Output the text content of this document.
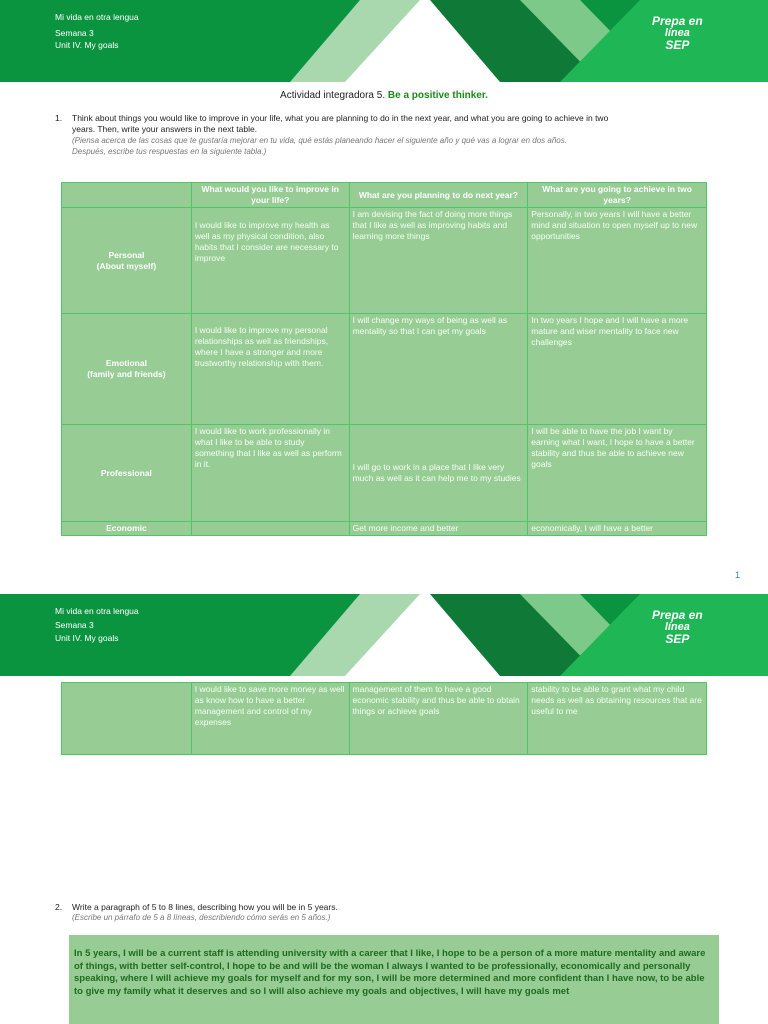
Mi vida en otra lengua
Semana 3
Unit IV. My goals
Prepa en
línea
SEP
Actividad integradora 5. Be a positive thinker.
1. Think about things you would like to improve in your life, what you are planning to do in the next year, and what you are going to achieve in two
years. Then, write your answers in the next table.
(Piensa acerca de las cosas que te gustaría mejorar en tu vida, qué estás planeando hacer el siguiente año y qué vas a lograr en dos años.
Después, escribe tus respuestas en la siguiente tabla.)
	What would you like to improve in your life?	What are you planning to do next year?	What are you going to achieve in two years?
Personal
(About myself)	I would like to improve my health as well as my physical condition, also habits that I consider are necessary to improve	I am devising the fact of doing more things that I like as well as improving habits and learning more things	Personally, in two years I will have a better mind and situation to open myself up to new opportunities
Emotional
(family and friends)	I would like to improve my personal relationships as well as friendships, where I have a stronger and more trustworthy relationship with them.	I will change my ways of being as well as mentality so that I can get my goals	In two years I hope and I will have a more mature and wiser mentality to face new challenges
Professional	I would like to work professionally in what I like to be able to study something that I like as well as perform in it.	I will go to work in a place that I like very much as well as it can help me to my studies	I will be able to have the job I want by earning what I want, I hope to have a better stability and thus be able to achieve new goals
Economic		Get more income and better	economically, I will have a better
1
Mi vida en otra lengua
Semana 3
Unit IV. My goals
Prepa en
línea
SEP
	I would like to save more money as well as know how to have a better management and control of my expenses	management of them to have a good economic stability and thus be able to obtain things or achieve goals	stability to be able to grant what my child needs as well as obtaining resources that are useful to me
2. Write a paragraph of 5 to 8 lines, describing how you will be in 5 years.
(Escribe un párrafo de 5 a 8 líneas, describiendo cómo serás en 5 años.)
In 5 years, I will be a current staff is attending university with a career that I like, I hope to be a person of a more mature mentality and aware of things, with better self-control, I hope to be and will be the woman I always I wanted to be professionally, economically and personally speaking, where I will achieve my goals for myself and for my son, I will be more determined and more confident than I have now, to be able to give my family what it deserves and so I will also achieve my goals and objectives, I will have my goals met
